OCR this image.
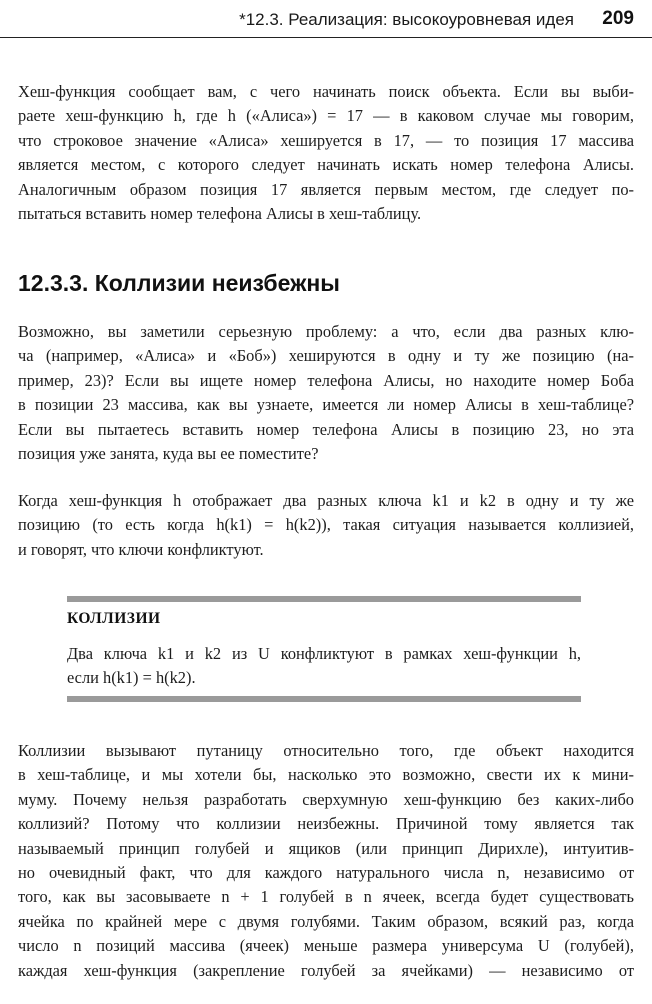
*12.3. Реализация: высокоуровневая идея 209
Хеш-функция сообщает вам, с чего начинать поиск объекта. Если вы выби-
раете хеш-функцию h, где h («Алиса») = 17 — в каковом случае мы говорим,
что строковое значение «Алиса» хешируется в 17, — то позиция 17 массива
является местом, с которого следует начинать искать номер телефона Алисы.
Аналогичным образом позиция 17 является первым местом, где следует по-
пытаться вставить номер телефона Алисы в хеш-таблицу.
12.3.3. Коллизии неизбежны
Возможно, вы заметили серьезную проблему: а что, если два разных клю-
ча (например, «Алиса» и «Боб») хешируются в одну и ту же позицию (на-
пример, 23)? Если вы ищете номер телефона Алисы, но находите номер Боба
в позиции 23 массива, как вы узнаете, имеется ли номер Алисы в хеш-таблице?
Если вы пытаетесь вставить номер телефона Алисы в позицию 23, но эта
позиция уже занята, куда вы ее поместите?
Когда хеш-функция h отображает два разных ключа k1 и k2 в одну и ту же
позицию (то есть когда h(k1) = h(k2)), такая ситуация называется коллизией,
и говорят, что ключи конфликтуют.
КОЛЛИЗИИ
Два ключа k1 и k2 из U конфликтуют в рамках хеш-функции h,
если h(k1) = h(k2).
Коллизии вызывают путаницу относительно того, где объект находится
в хеш-таблице, и мы хотели бы, насколько это возможно, свести их к мини-
муму. Почему нельзя разработать сверхумную хеш-функцию без каких-либо
коллизий? Потому что коллизии неизбежны. Причиной тому является так
называемый принцип голубей и ящиков (или принцип Дирихле), интуитив-
но очевидный факт, что для каждого натурального числа n, независимо от
того, как вы засовываете n + 1 голубей в n ячеек, всегда будет существовать
ячейка по крайней мере с двумя голубями. Таким образом, всякий раз, когда
число n позиций массива (ячеек) меньше размера универсума U (голубей),
каждая хеш-функция (закрепление голубей за ячейками) — независимо от
